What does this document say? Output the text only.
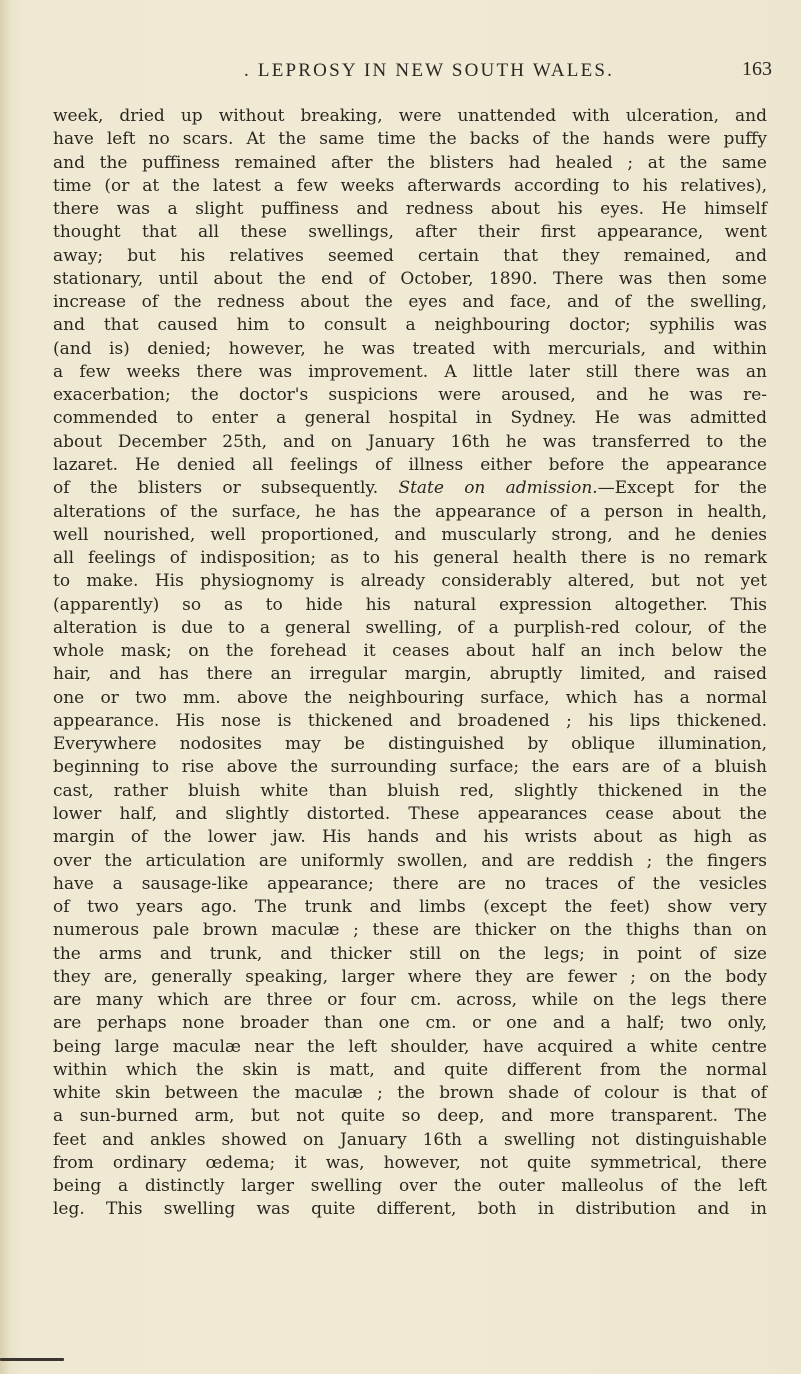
. LEPROSY IN NEW SOUTH WALES.	163
week, dried up without breaking, were unattended with ulceration, and
have left no scars. At the same time the backs of the hands were puffy
and the puffiness remained after the blisters had healed ; at the same
time (or at the latest a few weeks afterwards according to his relatives),
there was a slight puffiness and redness about his eyes. He himself
thought that all these swellings, after their first appearance, went
away; but his relatives seemed certain that they remained, and
stationary, until about the end of October, 1890. There was then some
increase of the redness about the eyes and face, and of the swelling,
and that caused him to consult a neighbouring doctor; syphilis was
(and is) denied; however, he was treated with mercurials, and within
a few weeks there was improvement. A little later still there was an
exacerbation; the doctor's suspicions were aroused, and he was re-
commended to enter a general hospital in Sydney. He was admitted
about December 25th, and on January 16th he was transferred to the
lazaret. He denied all feelings of illness either before the appearance
of the blisters or subsequently. State on admission.—Except for the
alterations of the surface, he has the appearance of a person in health,
well nourished, well proportioned, and muscularly strong, and he denies
all feelings of indisposition; as to his general health there is no remark
to make. His physiognomy is already considerably altered, but not yet
(apparently) so as to hide his natural expression altogether. This
alteration is due to a general swelling, of a purplish-red colour, of the
whole mask; on the forehead it ceases about half an inch below the
hair, and has there an irregular margin, abruptly limited, and raised
one or two mm. above the neighbouring surface, which has a normal
appearance. His nose is thickened and broadened ; his lips thickened.
Everywhere nodosites may be distinguished by oblique illumination,
beginning to rise above the surrounding surface; the ears are of a bluish
cast, rather bluish white than bluish red, slightly thickened in the
lower half, and slightly distorted. These appearances cease about the
margin of the lower jaw. His hands and his wrists about as high as
over the articulation are uniformly swollen, and are reddish ; the fingers
have a sausage-like appearance; there are no traces of the vesicles
of two years ago. The trunk and limbs (except the feet) show very
numerous pale brown maculæ ; these are thicker on the thighs than on
the arms and trunk, and thicker still on the legs; in point of size
they are, generally speaking, larger where they are fewer ; on the body
are many which are three or four cm. across, while on the legs there
are perhaps none broader than one cm. or one and a half; two only,
being large maculæ near the left shoulder, have acquired a white centre
within which the skin is matt, and quite different from the normal
white skin between the maculæ ; the brown shade of colour is that of
a sun-burned arm, but not quite so deep, and more transparent. The
feet and ankles showed on January 16th a swelling not distinguishable
from ordinary œdema; it was, however, not quite symmetrical, there
being a distinctly larger swelling over the outer malleolus of the left
leg. This swelling was quite different, both in distribution and in
